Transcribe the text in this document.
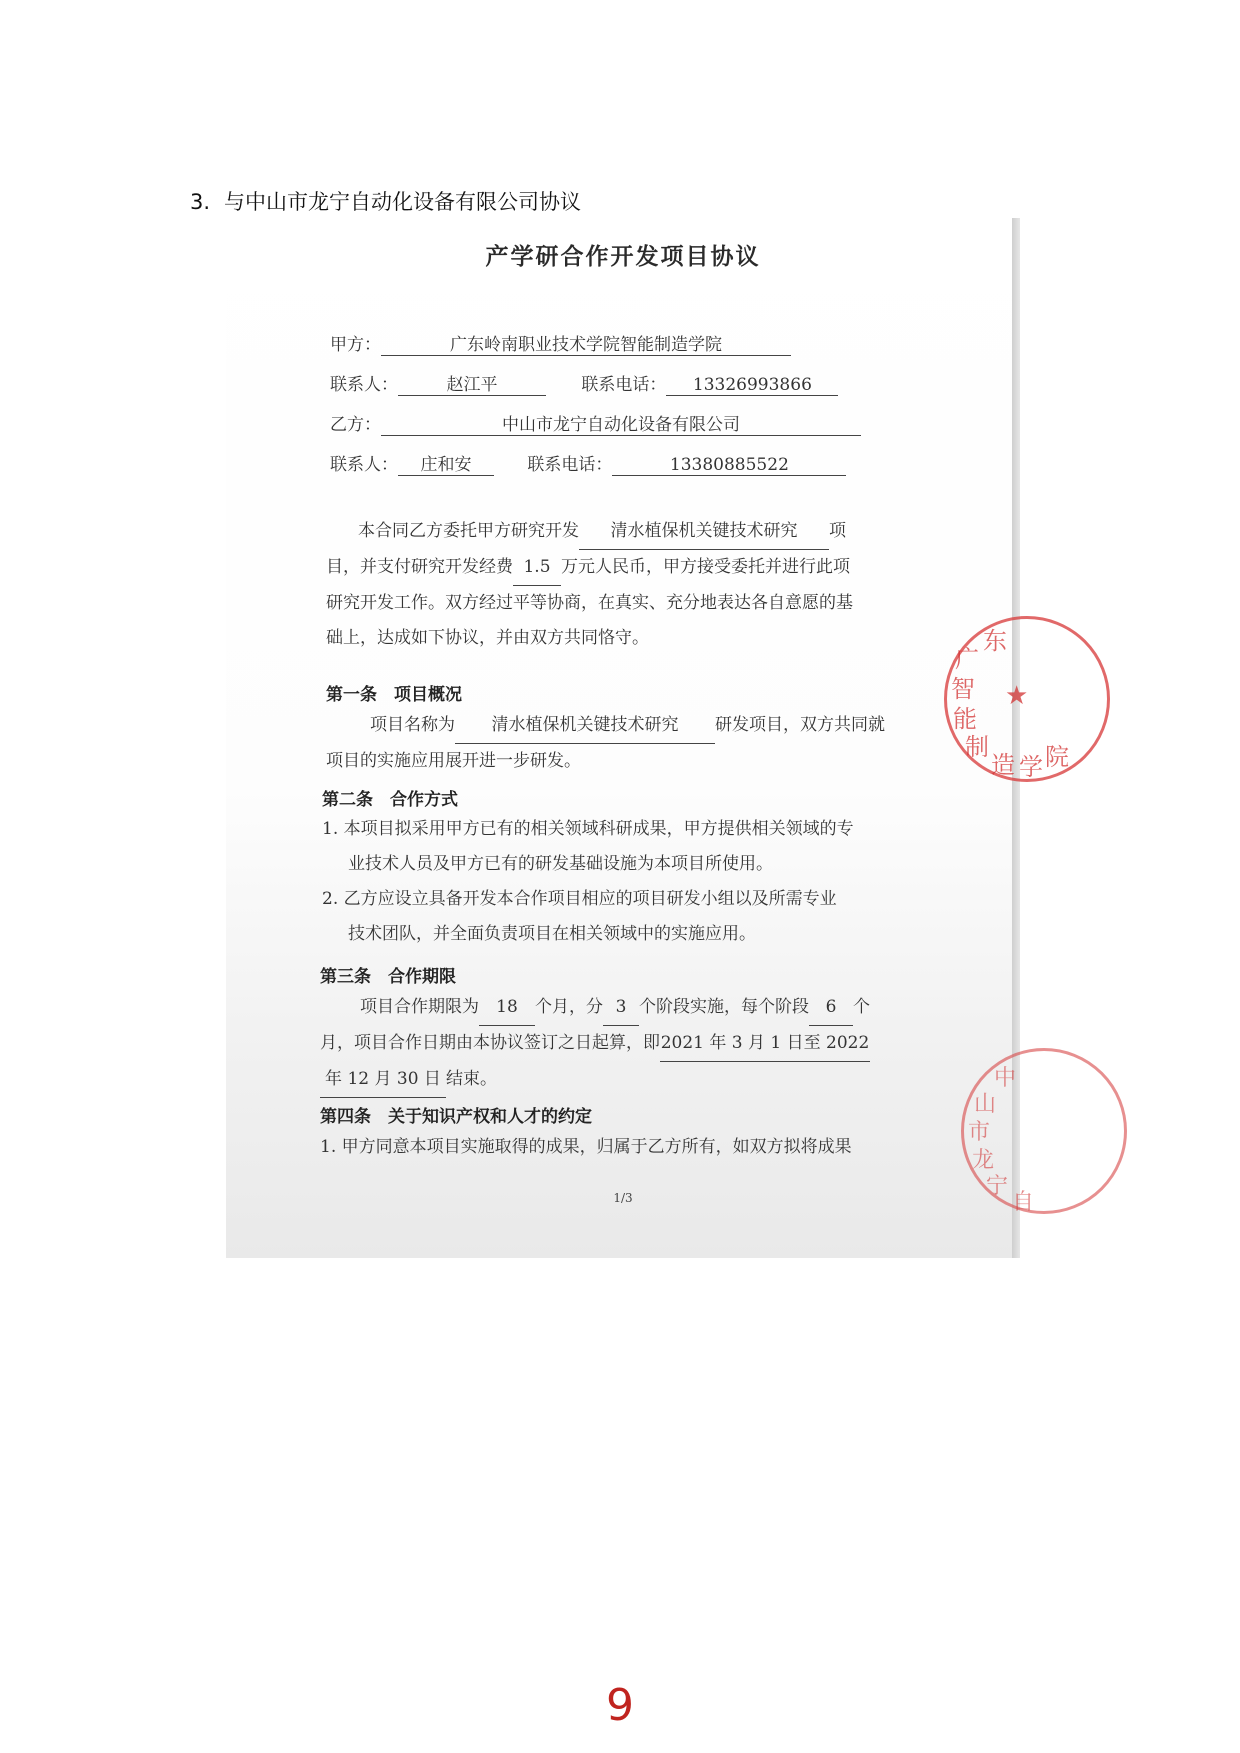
3. 与中山市龙宁自动化设备有限公司协议
产学研合作开发项目协议
甲方：	广东岭南职业技术学院智能制造学院
联系人：	赵江平	联系电话： 13326993866
乙方：	中山市龙宁自动化设备有限公司
联系人： 庄和安	联系电话：	13380885522
本合同乙方委托甲方研究开发 清水植保机关键技术研究 项
目，并支付研究开发经费 1.5 万元人民币，甲方接受委托并进行此项
研究开发工作。双方经过平等协商，在真实、充分地表达各自意愿的基
础上，达成如下协议，并由双方共同恪守。
第一条　项目概况
项目名称为 清水植保机关键技术研究 研发项目，双方共同就
项目的实施应用展开进一步研发。
第二条　合作方式
1. 本项目拟采用甲方已有的相关领域科研成果，甲方提供相关领域的专
业技术人员及甲方已有的研发基础设施为本项目所使用。
2. 乙方应设立具备开发本合作项目相应的项目研发小组以及所需专业
技术团队，并全面负责项目在相关领域中的实施应用。
第三条　合作期限
项目合作期限为 18 个月，分 3 个阶段实施，每个阶段 6 个
月，项目合作日期由本协议签订之日起算，即2021 年 3 月 1 日至 2022
年 12 月 30 日 结束。
第四条　关于知识产权和人才的约定
1. 甲方同意本项目实施取得的成果，归属于乙方所有，如双方拟将成果
1/3
广
东
智
能
制
造 学 院
★
中
山
市
龙
宁
自
9
